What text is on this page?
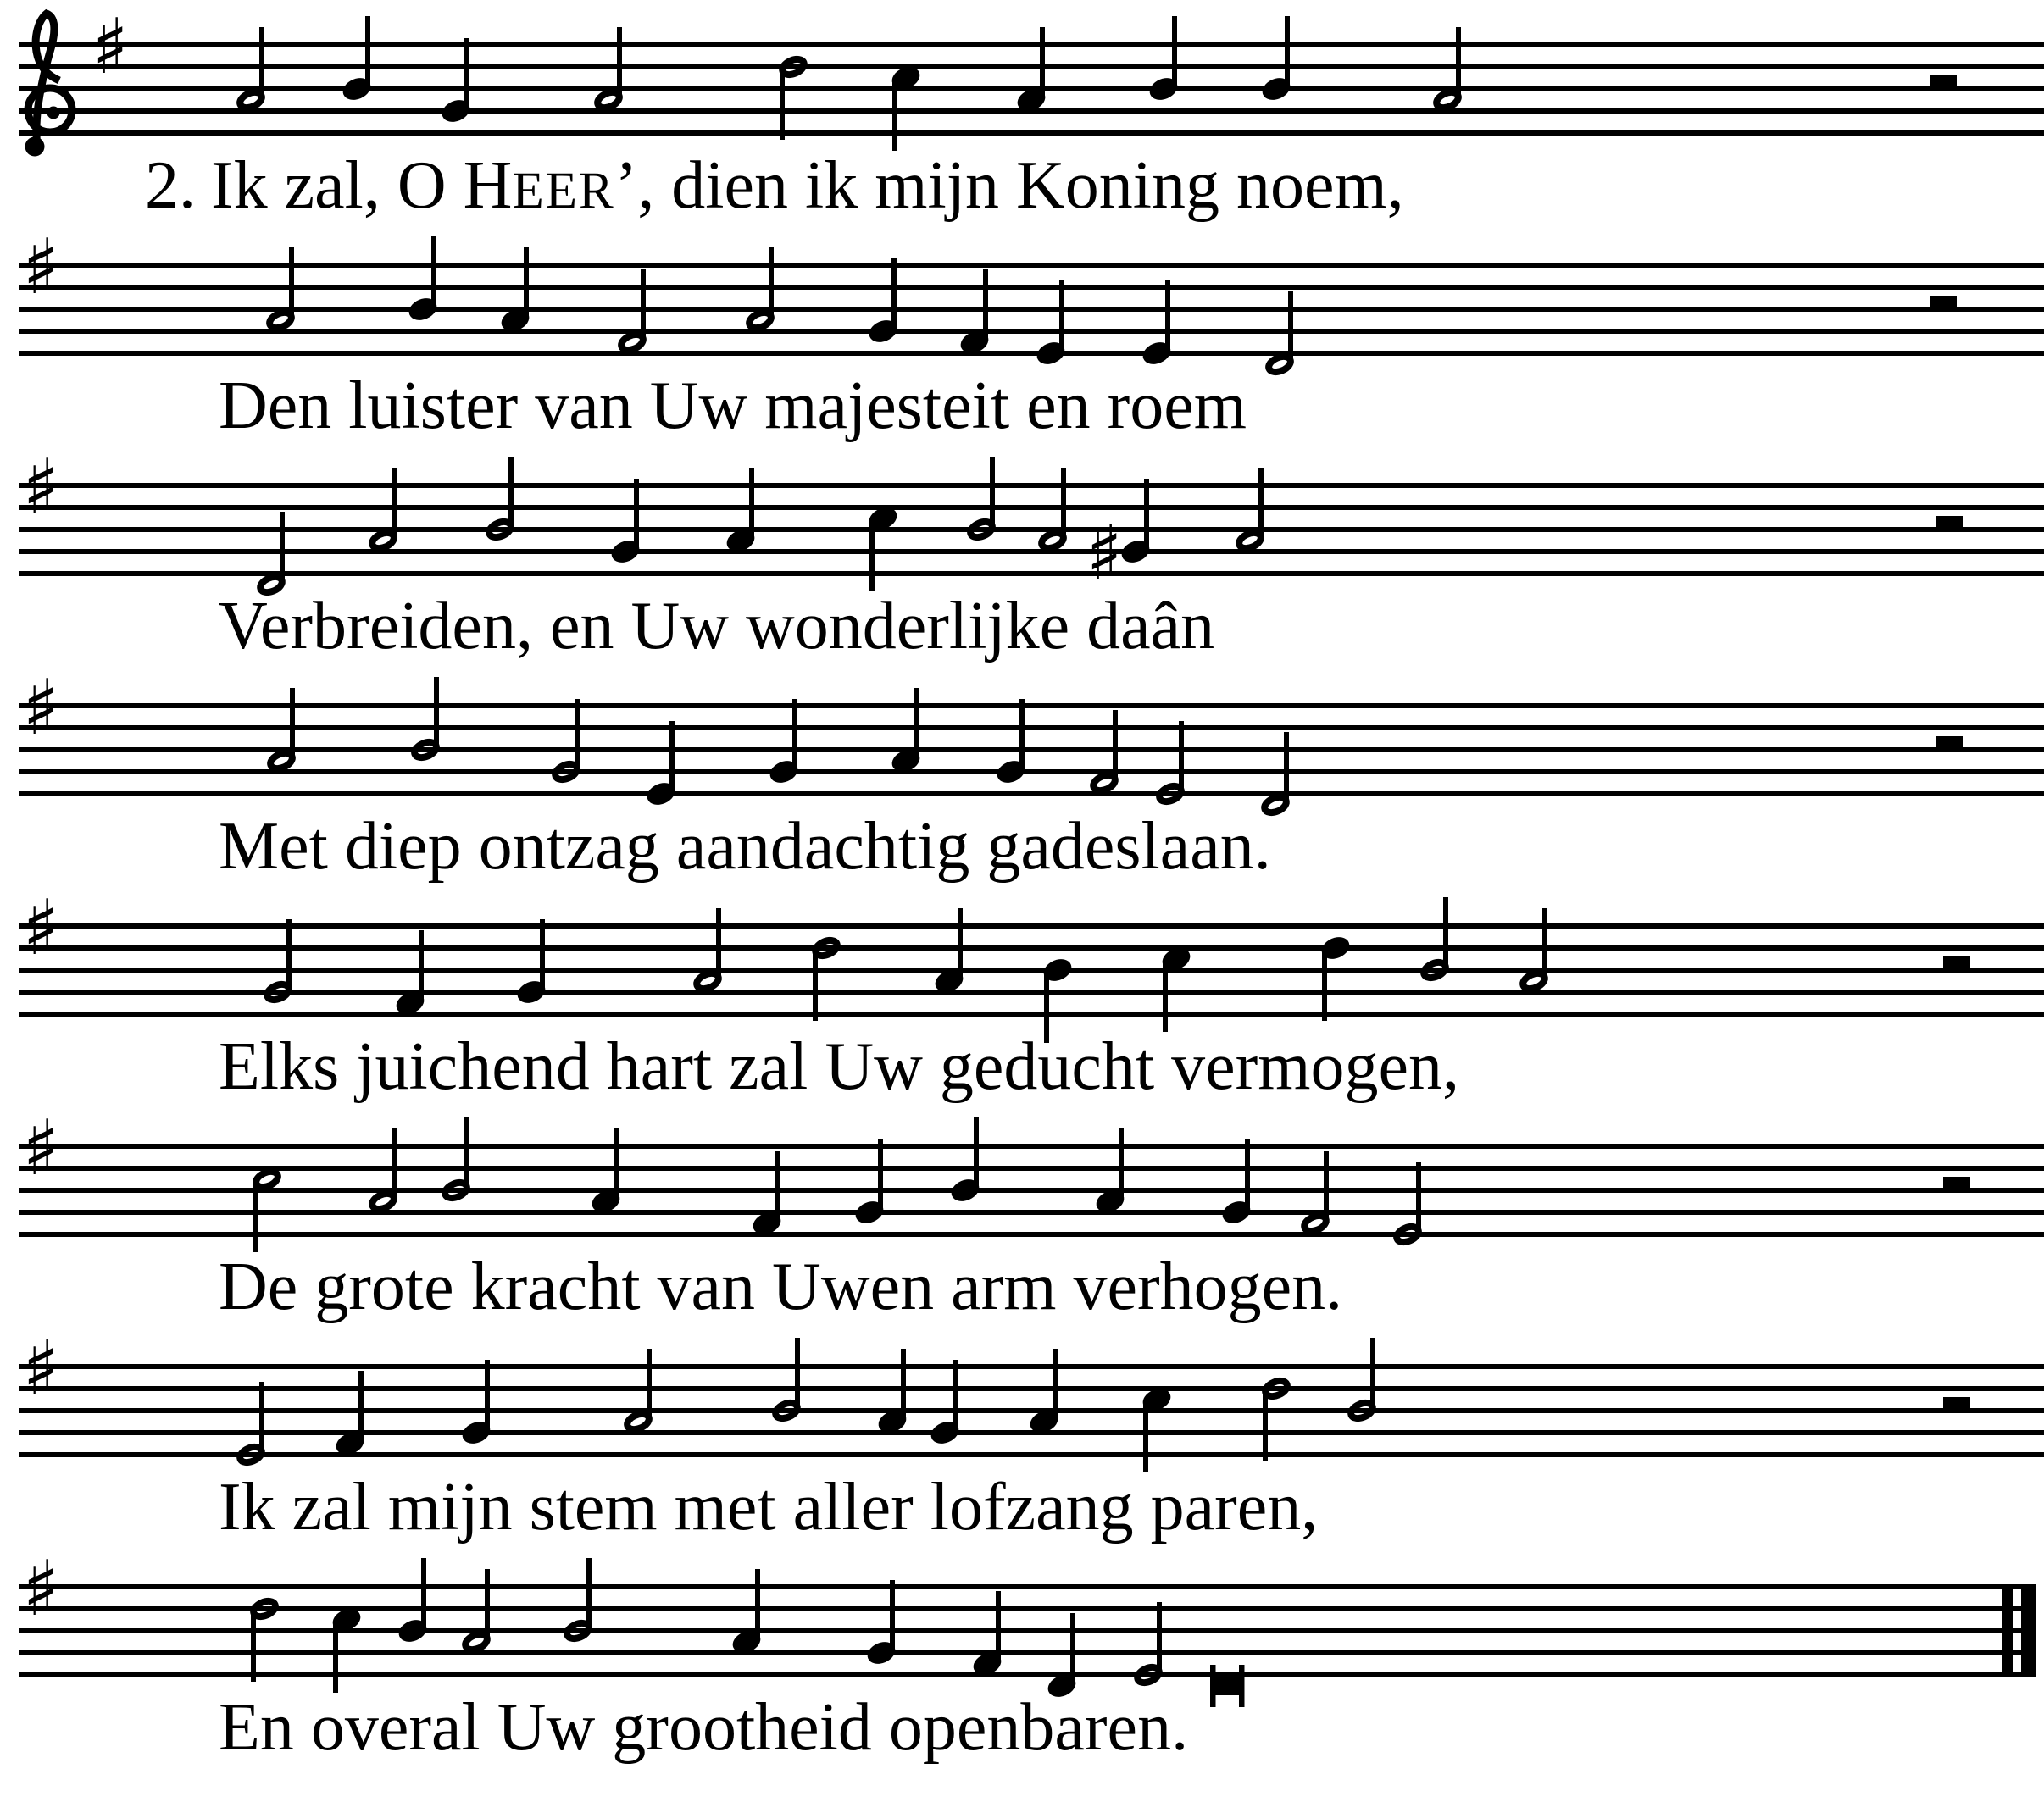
♯
♯
♯
♯
♯
♯
♯
♯
♯
2. Ik zal, O HEER’, dien ik mijn Koning noem,
Den luister van Uw majesteit en roem
Verbreiden, en Uw wonderlijke daân
Met diep ontzag aandachtig gadeslaan.
Elks juichend hart zal Uw geducht vermogen,
De grote kracht van Uwen arm verhogen.
Ik zal mijn stem met aller lofzang paren,
En overal Uw grootheid openbaren.
